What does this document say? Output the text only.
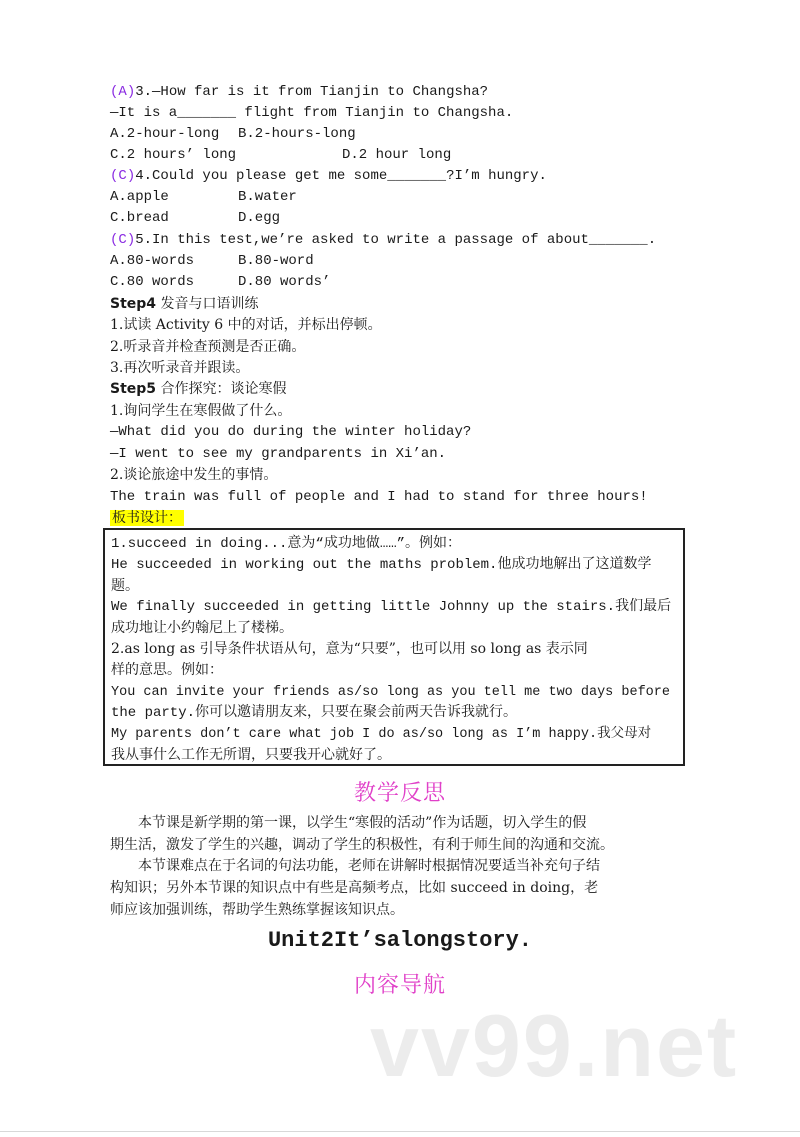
(A)3.—How far is it from Tianjin to Changsha?
—It is a_______ flight from Tianjin to Changsha.
A.2-hour-long B.2-hours-long
C.2 hours’ long	D.2 hour long
(C)4.Could you please get me some_______?I’m hungry.
A.apple	B.water
C.bread	D.egg
(C)5.In this test,we’re asked to write a passage of about_______.
A.80-words	B.80-word
C.80 words	D.80 words’
Step4 发音与口语训练
1.试读 Activity 6 中的对话，并标出停顿。
2.听录音并检查预测是否正确。
3.再次听录音并跟读。
Step5 合作探究：谈论寒假
1.询问学生在寒假做了什么。
—What did you do during the winter holiday?
—I went to see my grandparents in Xi’an.
2.谈论旅途中发生的事情。
The train was full of people and I had to stand for three hours!
板书设计：
1.succeed in doing...意为“成功地做……”。例如：
He succeeded in working out the maths problem.他成功地解出了这道数学
题。
We finally succeeded in getting little Johnny up the stairs.我们最后
成功地让小约翰尼上了楼梯。
2.as long as 引导条件状语从句，意为“只要”，也可以用 so long as 表示同
样的意思。例如：
You can invite your friends as/so long as you tell me two days before
the party.你可以邀请朋友来，只要在聚会前两天告诉我就行。
My parents don’t care what job I do as/so long as I’m happy.我父母对
我从事什么工作无所谓，只要我开心就好了。
教学反思
本节课是新学期的第一课，以学生“寒假的活动”作为话题，切入学生的假
期生活，激发了学生的兴趣，调动了学生的积极性，有利于师生间的沟通和交流。
本节课难点在于名词的句法功能，老师在讲解时根据情况要适当补充句子结
构知识；另外本节课的知识点中有些是高频考点，比如 succeed in doing，老
师应该加强训练，帮助学生熟练掌握该知识点。
Unit2It’salongstory.
内容导航
vv99.net
